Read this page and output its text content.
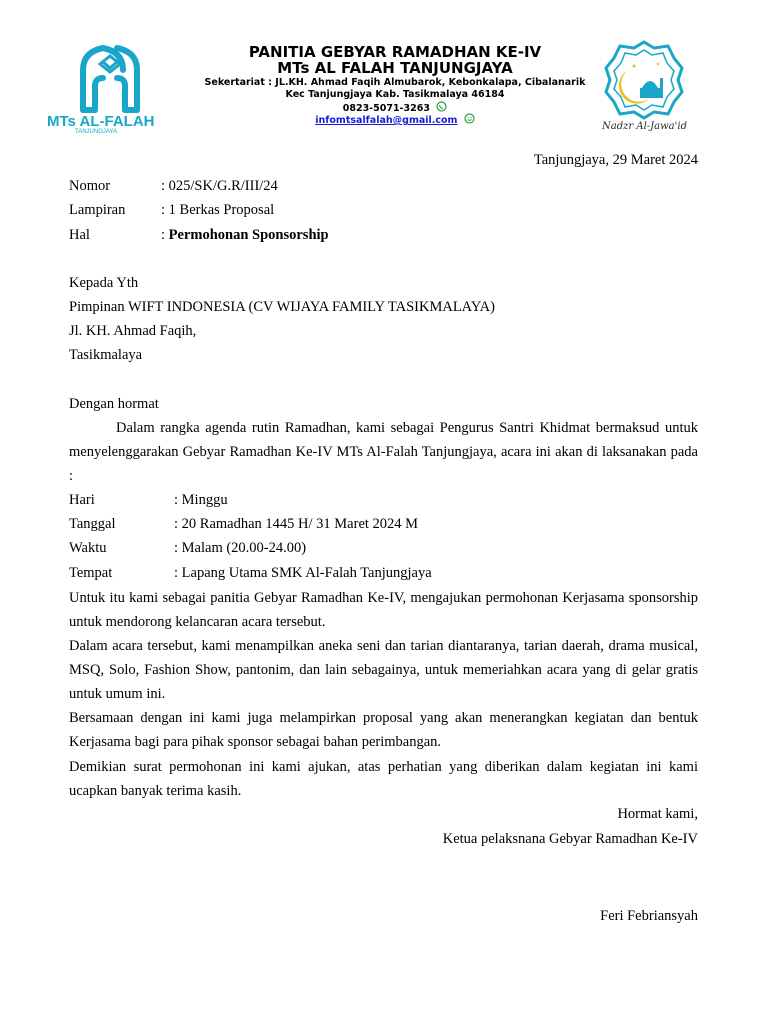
MTs AL-FALAH
TANJUNGJAYA	Nadzr Al-Jawa'id
PANITIA GEBYAR RAMADHAN KE-IV
MTs AL FALAH TANJUNGJAYA
Sekertariat : JL.KH. Ahmad Faqih Almubarok, Kebonkalapa, Cibalanarik
Kec Tanjungjaya Kab. Tasikmalaya 46184
0823-5071-3263
infomtsalfalah@gmail.com
Tanjungjaya, 29 Maret 2024
Nomor	: 025/SK/G.R/III/24
Lampiran	: 1 Berkas Proposal
Hal	: Permohonan Sponsorship
Kepada Yth
Pimpinan WIFT INDONESIA (CV WIJAYA FAMILY TASIKMALAYA)
Jl. KH. Ahmad Faqih,
Tasikmalaya
Dengan hormat
Dalam rangka agenda rutin Ramadhan, kami sebagai Pengurus Santri Khidmat bermaksud untuk menyelenggarakan Gebyar Ramadhan Ke-IV MTs Al-Falah Tanjungjaya, acara ini akan di laksanakan pada :
Hari	: Minggu
Tanggal	: 20 Ramadhan 1445 H/ 31 Maret 2024 M
Waktu	: Malam (20.00-24.00)
Tempat	: Lapang Utama SMK Al-Falah Tanjungjaya
Untuk itu kami sebagai panitia Gebyar Ramadhan Ke-IV, mengajukan permohonan Kerjasama sponsorship untuk mendorong kelancaran acara tersebut.
Dalam acara tersebut, kami menampilkan aneka seni dan tarian diantaranya, tarian daerah, drama musical, MSQ, Solo, Fashion Show, pantonim, dan lain sebagainya, untuk memeriahkan acara yang di gelar gratis untuk umum ini.
Bersamaan dengan ini kami juga melampirkan proposal yang akan menerangkan kegiatan dan bentuk Kerjasama bagi para pihak sponsor sebagai bahan perimbangan.
Demikian surat permohonan ini kami ajukan, atas perhatian yang diberikan dalam kegiatan ini kami ucapkan banyak terima kasih.
Hormat kami,
Ketua pelaksnana Gebyar Ramadhan Ke-IV
Feri Febriansyah
